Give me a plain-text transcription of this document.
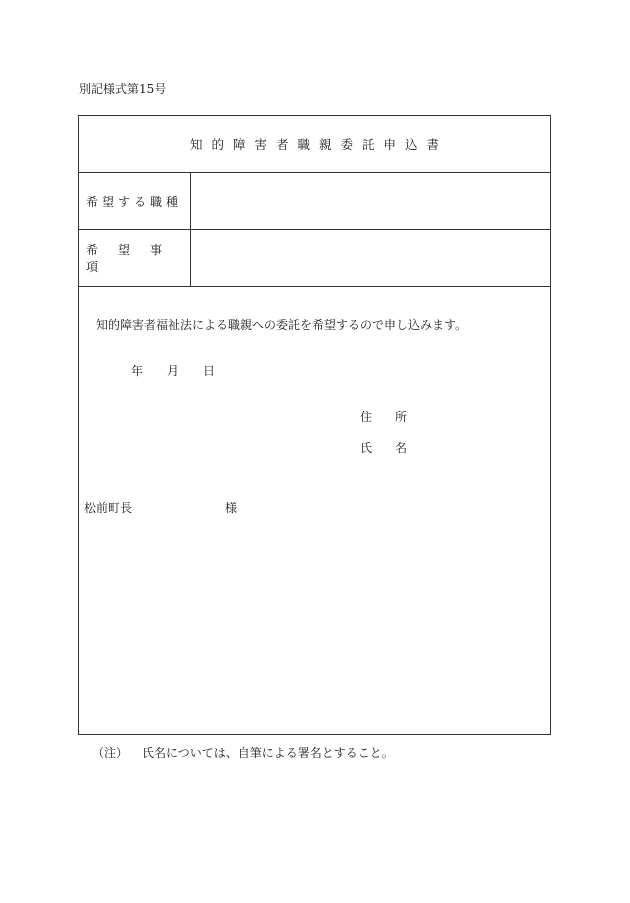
別記様式第15号
知的障害者職親委託申込書
希望する職種
希望事項
知的障害者福祉法による職親への委託を希望するので申し込みます。
年 月 日
住所
氏名
松前町長	様
（注） 氏名については、自筆による署名とすること。
